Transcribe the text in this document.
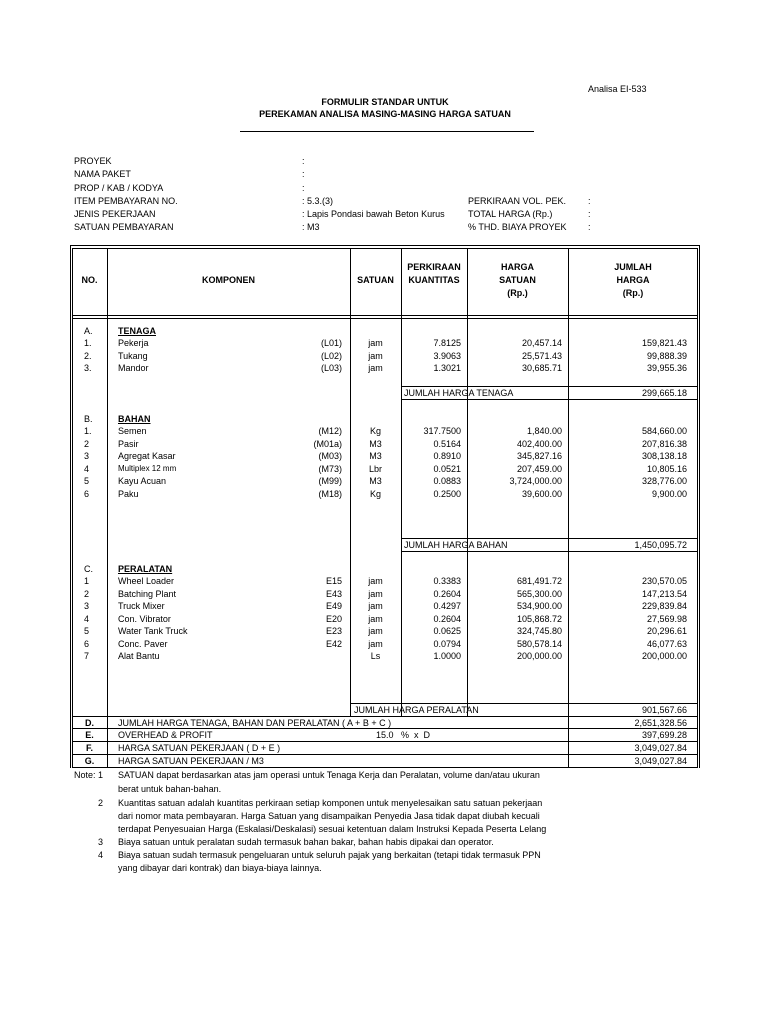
Analisa EI-533
FORMULIR STANDAR UNTUK
PEREKAMAN ANALISA MASING-MASING HARGA SATUAN
PROYEK	:
NAMA PAKET	:
PROP / KAB / KODYA	:
ITEM PEMBAYARAN NO.	: 5.3.(3)
JENIS PEKERJAAN	: Lapis Pondasi bawah Beton Kurus
SATUAN PEMBAYARAN	: M3
PERKIRAAN VOL. PEK. :
TOTAL HARGA (Rp.)	:
% THD. BIAYA PROYEK :
NO.	KOMPONEN	SATUAN
PERKIRAAN
KUANTITAS
HARGA
SATUAN
(Rp.)
JUMLAH
HARGA
(Rp.)
A.	TENAGA
1.	Pekerja	(L01)	jam	7.8125	20,457.14	159,821.43
2.	Tukang	(L02)	jam	3.9063	25,571.43	99,888.39
3.	Mandor	(L03)	jam	1.3021	30,685.71	39,955.36
JUMLAH HARGA TENAGA	299,665.18
B.	BAHAN
1.	Semen	(M12)	Kg	317.7500	1,840.00	584,660.00
2	Pasir	(M01a)	M3	0.5164	402,400.00	207,816.38
3	Agregat Kasar	(M03)	M3	0.8910	345,827.16	308,138.18
4	Multiplex 12 mm	(M73)	Lbr	0.0521	207,459.00	10,805.16
5	Kayu Acuan	(M99)	M3	0.0883	3,724,000.00	328,776.00
6	Paku	(M18)	Kg	0.2500	39,600.00	9,900.00
JUMLAH HARGA BAHAN	1,450,095.72
C.	PERALATAN
1	Wheel Loader	E15	jam	0.3383	681,491.72	230,570.05
2	Batching Plant	E43	jam	0.2604	565,300.00	147,213.54
3	Truck Mixer	E49	jam	0.4297	534,900.00	229,839.84
4	Con. Vibrator	E20	jam	0.2604	105,868.72	27,569.98
5	Water Tank Truck	E23	jam	0.0625	324,745.80	20,296.61
6	Conc. Paver	E42	jam	0.0794	580,578.14	46,077.63
7	Alat Bantu	Ls	1.0000	200,000.00	200,000.00
JUMLAH HARGA PERALATAN	901,567.66
D.	JUMLAH HARGA TENAGA, BAHAN DAN PERALATAN ( A + B + C )	2,651,328.56
E.	OVERHEAD & PROFIT	15.0   %  x  D	397,699.28
F.	HARGA SATUAN PEKERJAAN ( D + E )	3,049,027.84
G.	HARGA SATUAN PEKERJAAN / M3	3,049,027.84
Note: 1 SATUAN dapat berdasarkan atas jam operasi untuk Tenaga Kerja dan Peralatan, volume dan/atau ukuran
berat untuk bahan-bahan.
2 Kuantitas satuan adalah kuantitas perkiraan setiap komponen untuk menyelesaikan satu satuan pekerjaan
dari nomor mata pembayaran. Harga Satuan yang disampaikan Penyedia Jasa tidak dapat diubah kecuali
terdapat Penyesuaian Harga (Eskalasi/Deskalasi) sesuai ketentuan dalam Instruksi Kepada Peserta Lelang
3 Biaya satuan untuk peralatan sudah termasuk bahan bakar, bahan habis dipakai dan operator.
4 Biaya satuan sudah termasuk pengeluaran untuk seluruh pajak yang berkaitan (tetapi tidak termasuk PPN
yang dibayar dari kontrak) dan biaya-biaya lainnya.
